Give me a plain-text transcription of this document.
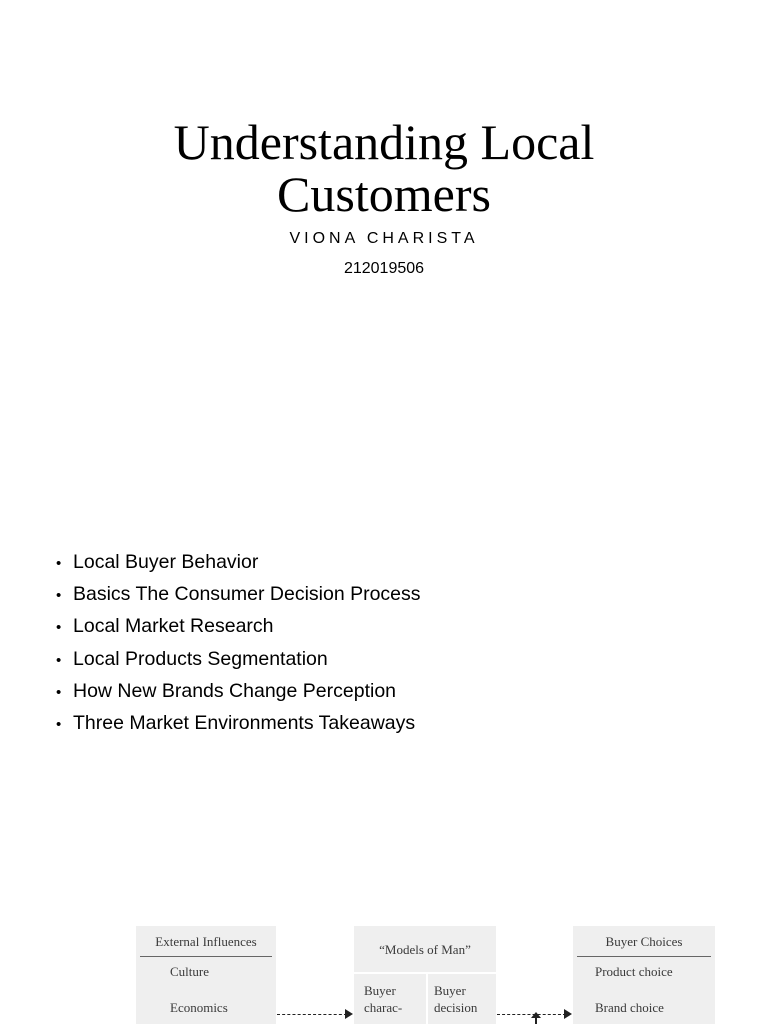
Understanding Local
Customers
VIONA CHARISTA
212019506
• Local Buyer Behavior
• Basics The Consumer Decision Process
• Local Market Research
• Local Products Segmentation
• How New Brands Change Perception
• Three Market Environments Takeaways
External Influences
Culture
Economics
“Models of Man”
Buyer charac-
Buyer decision
Buyer Choices
Product choice
Brand choice
